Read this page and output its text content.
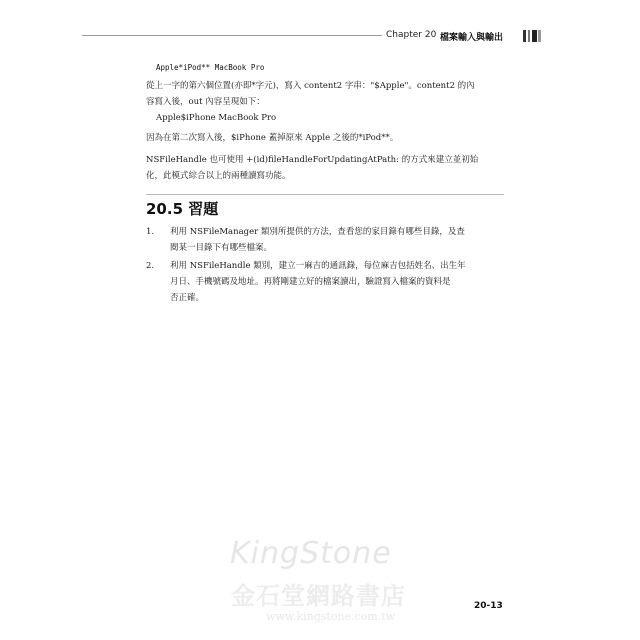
Chapter 20 檔案輸入與輸出
Apple*iPod** MacBook Pro
從上一字的第六個位置(亦即*字元)，寫入 content2 字串："$Apple"。content2 的內
容寫入後，out 內容呈現如下：
Apple$iPhone MacBook Pro
因為在第二次寫入後，$iPhone 蓋掉原來 Apple 之後的*iPod**。
NSFileHandle 也可使用 +(id)fileHandleForUpdatingAtPath: 的方式來建立並初始
化，此模式綜合以上的兩種讀寫功能。
20.5 習題
1. 利用 NSFileManager 類別所提供的方法，查看您的家目錄有哪些目錄，及查
閱某一目錄下有哪些檔案。
2. 利用 NSFileHandle 類別，建立一麻吉的通訊錄，每位麻吉包括姓名、出生年
月日、手機號碼及地址。再將剛建立好的檔案讀出，驗證寫入檔案的資料是
否正確。
KingStone
金石堂網路書店
www.kingstone.com.tw
20-13
